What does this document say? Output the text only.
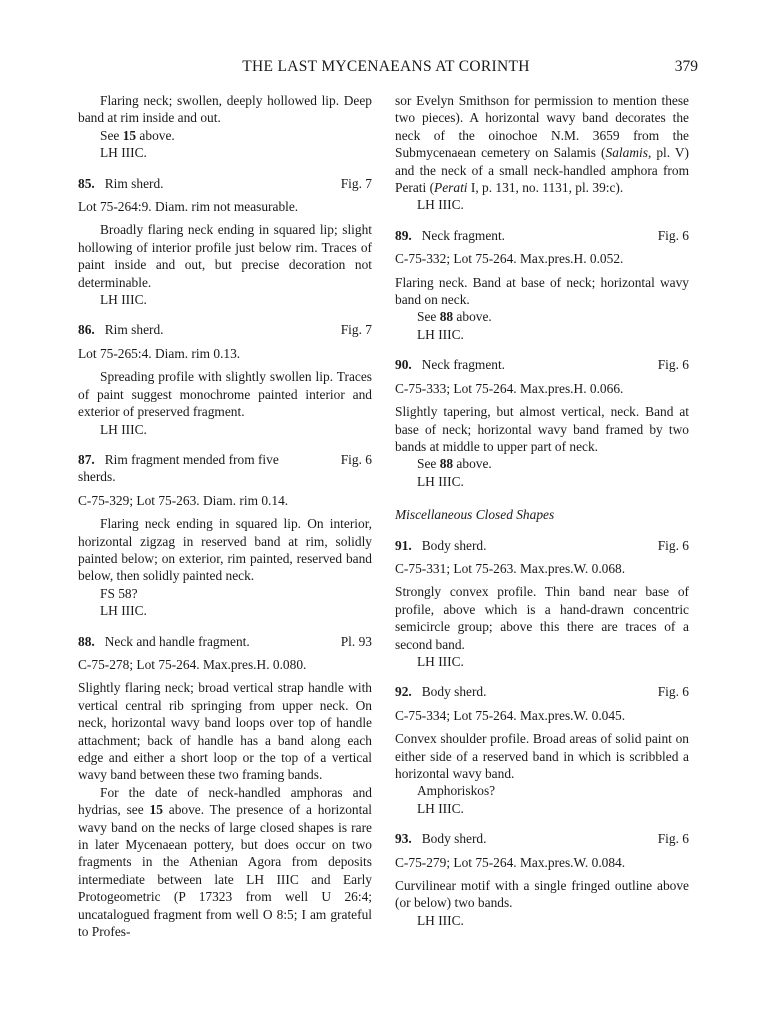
THE LAST MYCENAEANS AT CORINTH	379

Flaring neck; swollen, deeply hollowed lip. Deep band at rim inside and out.

See 15 above.

LH IIIC.

85. Rim sherd.	Fig. 7

Lot 75-264:9. Diam. rim not measurable.

Broadly flaring neck ending in squared lip; slight hollowing of interior profile just below rim. Traces of paint inside and out, but precise decoration not determinable.

LH IIIC.

86. Rim sherd.	Fig. 7

Lot 75-265:4. Diam. rim 0.13.

Spreading profile with slightly swollen lip. Traces of paint suggest monochrome painted interior and exterior of preserved fragment.

LH IIIC.

87. Rim fragment mended from five sherds.
Fig. 6

C-75-329; Lot 75-263. Diam. rim 0.14.

Flaring neck ending in squared lip. On interior, horizontal zigzag in reserved band at rim, solidly painted below; on exterior, rim painted, reserved band below, then solidly painted neck.

FS 58?

LH IIIC.

88. Neck and handle fragment.	Pl. 93

C-75-278; Lot 75-264. Max.pres.H. 0.080.

Slightly flaring neck; broad vertical strap handle with vertical central rib springing from upper neck. On neck, horizontal wavy band loops over top of handle attachment; back of handle has a band along each edge and either a short loop or the top of a vertical wavy band between these two framing bands.

For the date of neck-handled amphoras and hydrias, see 15 above. The presence of a horizontal wavy band on the necks of large closed shapes is rare in later Mycenaean pottery, but does occur on two fragments in the Athenian Agora from deposits intermediate between late LH IIIC and Early Protogeometric (P 17323 from well U 26:4; uncatalogued fragment from well O 8:5; I am grateful to Profes-

sor Evelyn Smithson for permission to mention these two pieces). A horizontal wavy band decorates the neck of the oinochoe N.M. 3659 from the Submycenaean cemetery on Salamis (Salamis, pl. V) and the neck of a small neck-handled amphora from Perati (Perati I, p. 131, no. 1131, pl. 39:c).

LH IIIC.

89. Neck fragment.	Fig. 6

C-75-332; Lot 75-264. Max.pres.H. 0.052.

Flaring neck. Band at base of neck; horizontal wavy band on neck.

See 88 above.

LH IIIC.

90. Neck fragment.	Fig. 6

C-75-333; Lot 75-264. Max.pres.H. 0.066.

Slightly tapering, but almost vertical, neck. Band at base of neck; horizontal wavy band framed by two bands at middle to upper part of neck.

See 88 above.

LH IIIC.

Miscellaneous Closed Shapes

91. Body sherd.	Fig. 6

C-75-331; Lot 75-263. Max.pres.W. 0.068.

Strongly convex profile. Thin band near base of profile, above which is a hand-drawn concentric semicircle group; above this there are traces of a second band.

LH IIIC.

92. Body sherd.	Fig. 6

C-75-334; Lot 75-264. Max.pres.W. 0.045.

Convex shoulder profile. Broad areas of solid paint on either side of a reserved band in which is scribbled a horizontal wavy band.

Amphoriskos?

LH IIIC.

93. Body sherd.	Fig. 6

C-75-279; Lot 75-264. Max.pres.W. 0.084.

Curvilinear motif with a single fringed outline above (or below) two bands.

LH IIIC.
